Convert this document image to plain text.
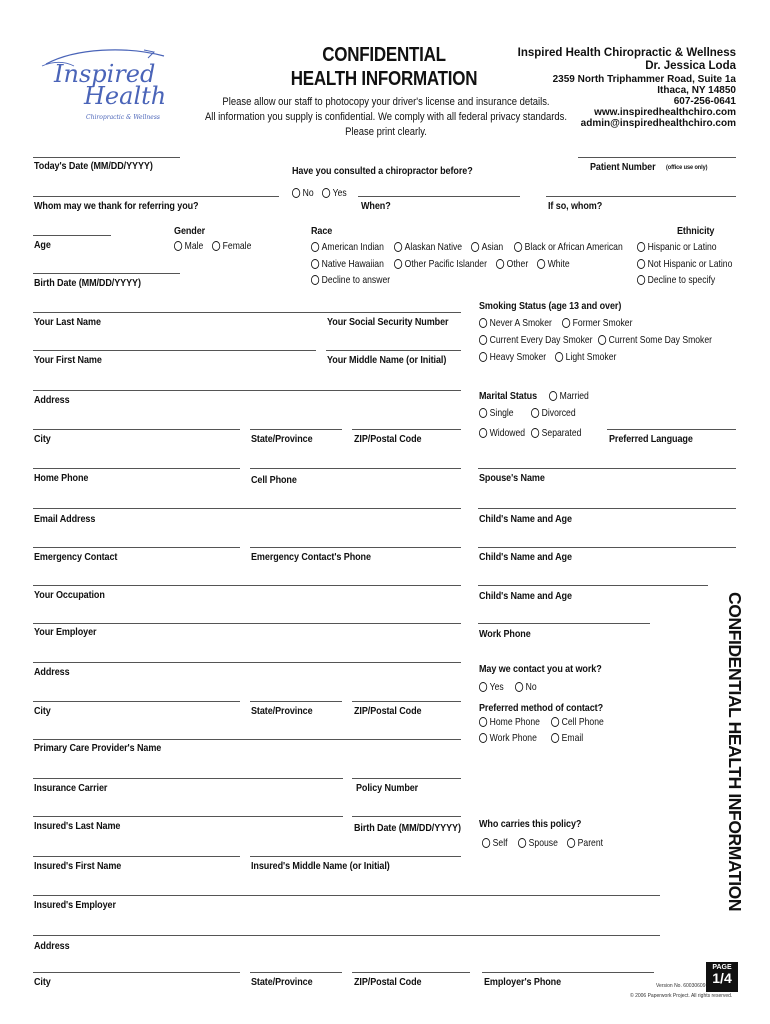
Inspired
Health
Chiropractic & Wellness
CONFIDENTIAL
HEALTH INFORMATION
Inspired Health Chiropractic & Wellness
Dr. Jessica Loda
2359 North Triphammer Road, Suite 1a
Ithaca, NY 14850
607-256-0641
www.inspiredhealthchiro.com
admin@inspiredhealthchiro.com
Please allow our staff to photocopy your driver's license and insurance details.
All information you supply is confidential. We comply with all federal privacy standards.
Please print clearly.
Today's Date (MM/DD/YYYY)	Have you consulted a chiropractor before?	Patient Number (office use only)
No Yes
Whom may we thank for referring you?	When?	If so, whom?
Gender
Male Female
Age
Race
American Indian Alaskan Native Asian Black or African American
Native Hawaiian Other Pacific Islander Other White
Decline to answer
Ethnicity
Hispanic or Latino
Not Hispanic or Latino
Decline to specify
Birth Date (MM/DD/YYYY)
Your Last Name	Your Social Security Number
Smoking Status (age 13 and over)
Never A Smoker Former Smoker
Current Every Day Smoker Current Some Day Smoker
Heavy Smoker Light Smoker
Your First Name	Your Middle Name (or Initial)
Address	Marital Status Married
Single	Divorced
Widowed Separated
City	State/Province	ZIP/Postal Code	Preferred Language
Home Phone	Cell Phone	Spouse's Name
Email Address	Child's Name and Age
Emergency Contact	Emergency Contact's Phone	Child's Name and Age
Your Occupation	Child's Name and Age
Your Employer	Work Phone
Address	May we contact you at work?
Yes No
City	State/Province	ZIP/Postal Code	Preferred method of contact?
Home Phone Cell Phone
Work Phone Email
Primary Care Provider's Name
Insurance Carrier	Policy Number
Insured's Last Name	Birth Date (MM/DD/YYYY) Who carries this policy?
Self Spouse Parent
Insured's First Name	Insured's Middle Name (or Initial)
Insured's Employer
Address
City	State/Province	ZIP/Postal Code	Employer's Phone
CONFIDENTIAL HEALTH INFORMATION
PAGE
1/4
Version No. 60030609
© 2006 Paperwork Project. All rights reserved.
